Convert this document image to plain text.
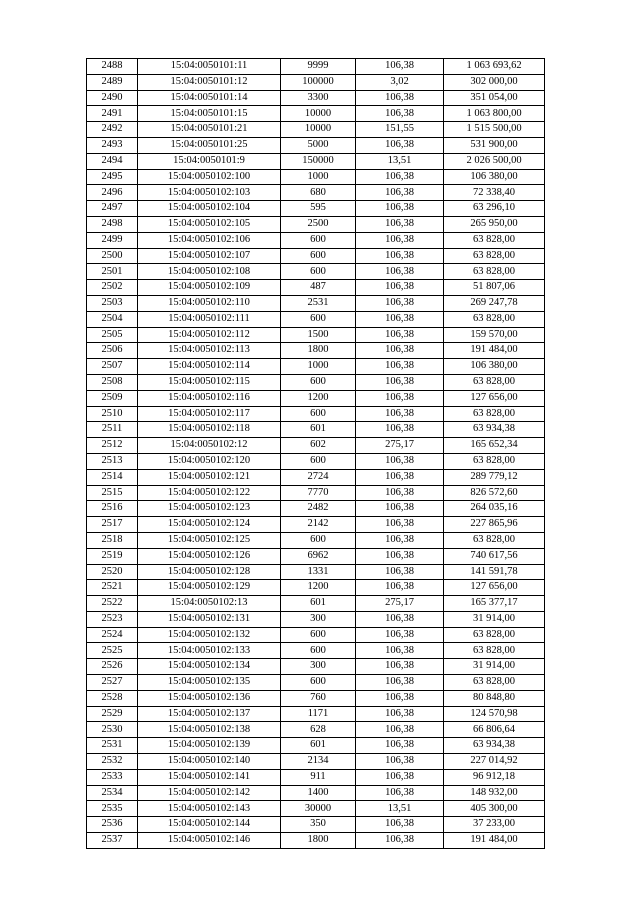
2488	15:04:0050101:11	9999	106,38	1 063 693,62
2489	15:04:0050101:12	100000	3,02	302 000,00
2490	15:04:0050101:14	3300	106,38	351 054,00
2491	15:04:0050101:15	10000	106,38	1 063 800,00
2492	15:04:0050101:21	10000	151,55	1 515 500,00
2493	15:04:0050101:25	5000	106,38	531 900,00
2494	15:04:0050101:9	150000	13,51	2 026 500,00
2495	15:04:0050102:100	1000	106,38	106 380,00
2496	15:04:0050102:103	680	106,38	72 338,40
2497	15:04:0050102:104	595	106,38	63 296,10
2498	15:04:0050102:105	2500	106,38	265 950,00
2499	15:04:0050102:106	600	106,38	63 828,00
2500	15:04:0050102:107	600	106,38	63 828,00
2501	15:04:0050102:108	600	106,38	63 828,00
2502	15:04:0050102:109	487	106,38	51 807,06
2503	15:04:0050102:110	2531	106,38	269 247,78
2504	15:04:0050102:111	600	106,38	63 828,00
2505	15:04:0050102:112	1500	106,38	159 570,00
2506	15:04:0050102:113	1800	106,38	191 484,00
2507	15:04:0050102:114	1000	106,38	106 380,00
2508	15:04:0050102:115	600	106,38	63 828,00
2509	15:04:0050102:116	1200	106,38	127 656,00
2510	15:04:0050102:117	600	106,38	63 828,00
2511	15:04:0050102:118	601	106,38	63 934,38
2512	15:04:0050102:12	602	275,17	165 652,34
2513	15:04:0050102:120	600	106,38	63 828,00
2514	15:04:0050102:121	2724	106,38	289 779,12
2515	15:04:0050102:122	7770	106,38	826 572,60
2516	15:04:0050102:123	2482	106,38	264 035,16
2517	15:04:0050102:124	2142	106,38	227 865,96
2518	15:04:0050102:125	600	106,38	63 828,00
2519	15:04:0050102:126	6962	106,38	740 617,56
2520	15:04:0050102:128	1331	106,38	141 591,78
2521	15:04:0050102:129	1200	106,38	127 656,00
2522	15:04:0050102:13	601	275,17	165 377,17
2523	15:04:0050102:131	300	106,38	31 914,00
2524	15:04:0050102:132	600	106,38	63 828,00
2525	15:04:0050102:133	600	106,38	63 828,00
2526	15:04:0050102:134	300	106,38	31 914,00
2527	15:04:0050102:135	600	106,38	63 828,00
2528	15:04:0050102:136	760	106,38	80 848,80
2529	15:04:0050102:137	1171	106,38	124 570,98
2530	15:04:0050102:138	628	106,38	66 806,64
2531	15:04:0050102:139	601	106,38	63 934,38
2532	15:04:0050102:140	2134	106,38	227 014,92
2533	15:04:0050102:141	911	106,38	96 912,18
2534	15:04:0050102:142	1400	106,38	148 932,00
2535	15:04:0050102:143	30000	13,51	405 300,00
2536	15:04:0050102:144	350	106,38	37 233,00
2537	15:04:0050102:146	1800	106,38	191 484,00
